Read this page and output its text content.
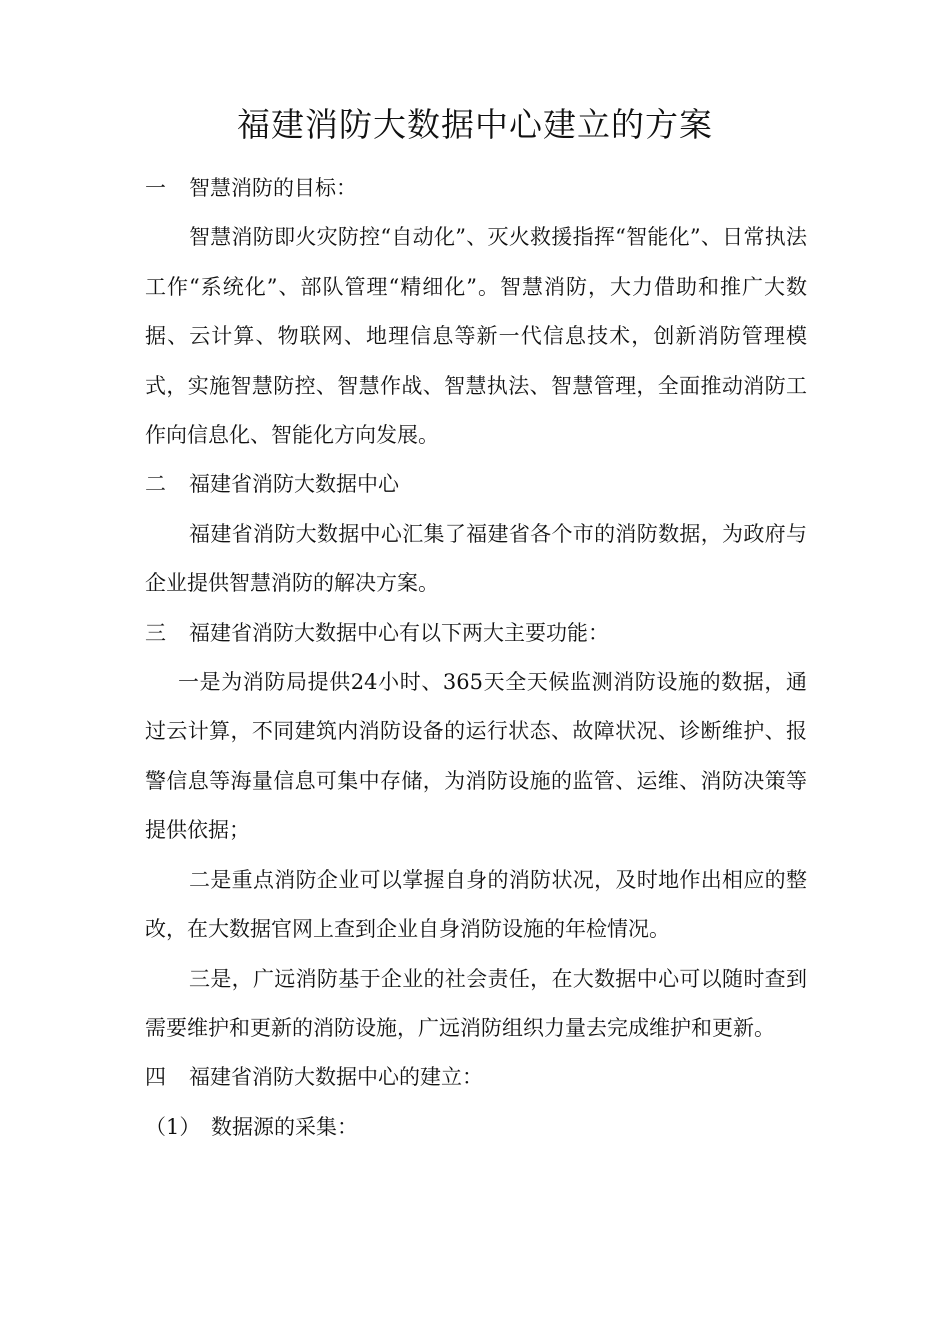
福建消防大数据中心建立的方案

一 智慧消防的目标：

智慧消防即火灾防控“自动化”、灭火救援指挥“智能化”、日常执法工作“系统化”、部队管理“精细化”。智慧消防，大力借助和推广大数据、云计算、物联网、地理信息等新一代信息技术，创新消防管理模式，实施智慧防控、智慧作战、智慧执法、智慧管理，全面推动消防工作向信息化、智能化方向发展。

二 福建省消防大数据中心

福建省消防大数据中心汇集了福建省各个市的消防数据，为政府与企业提供智慧消防的解决方案。

三 福建省消防大数据中心有以下两大主要功能：

一是为消防局提供24小时、365天全天候监测消防设施的数据，通过云计算，不同建筑内消防设备的运行状态、故障状况、诊断维护、报警信息等海量信息可集中存储，为消防设施的监管、运维、消防决策等提供依据；

二是重点消防企业可以掌握自身的消防状况，及时地作出相应的整改，在大数据官网上查到企业自身消防设施的年检情况。

三是，广远消防基于企业的社会责任，在大数据中心可以随时查到需要维护和更新的消防设施，广远消防组织力量去完成维护和更新。

四 福建省消防大数据中心的建立：

（1） 数据源的采集：
